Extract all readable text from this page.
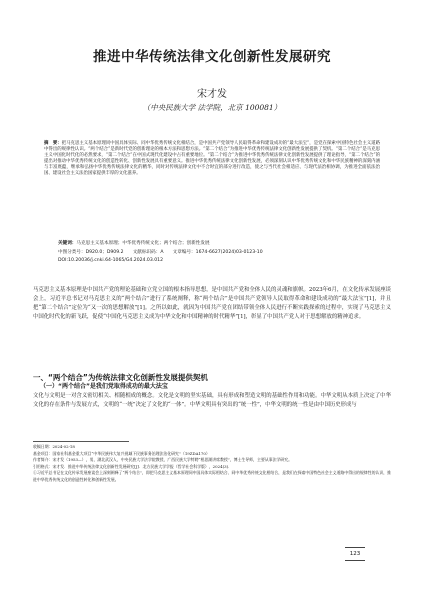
推进中华传统法律文化创新性发展研究
宋才发
（中央民族大学 法学院，北京 100081）
摘　要：把马克思主义基本原理同中国具体实际、同中华优秀传统文化相结合，是中国共产党领导人民取得革命和建设成功的“最大法宝”，是党在探索中国特色社会主义道路中得出的规律性认识。“两个结合”是新时代党的创新理论的根本方法和思想方法。“第二个结合”为推进中华优秀传统法律文化创新性发展提供了契机。“第二个结合”是马克思主义中国化时代化的必然要求，“第二个结合”在中国式现代化建设中占有重要地位。“第二个结合”为推进中华优秀传统法律文化创新性发展提供了理论指导，“第二个结合”的提出对推动中华优秀传统文化的创造性转化、创新性发展具有重要意义。推进中华优秀传统法律文化创新性发展，必须深刻认识中华优秀传统文化和中华民族精神的深刻内涵与丰富底蕴，继承和弘扬中华优秀传统法律文化的精华，同时对传统法律文化中不合时宜的部分进行改造，使之与当代社会相适应、与现代法治相协调，为推进全面依法治国、建设社会主义法治国家提供丰厚的文化滋养。
关键词：马克思主义基本原理；中华优秀传统文化；两个结合；创新性发展
中图分类号：D920.0；D909.2　　 文献标识码：A　　 文章编号：1674-6627(2024)03-0123-10
DOI:10.20036/j.cnki.64-1065/G4.2024.03.012
马克思主义基本原理是中国共产党的理论基础和立党立国的根本指导思想，是中国共产党和全体人民的灵魂和旗帜。2023年6月，在文化传承发展座谈会上，习近平总书记对马克思主义的“两个结合”进行了系统阐释，称“两个结合”是中国共产党领导人民取得革命和建设成功的“最大法宝”[1]，并且把“第二个结合”定位为“又一次的思想解放”[1]。之所以如此，就因为中国共产党在团结带领全体人民进行不断实践探索的过程中，实现了马克思主义中国化时代化的新飞跃，促使“中国化马克思主义成为中华文化和中国精神的时代精华”[1]，彰显了中国共产党人对于思想解放的精神追求。
一、“两个结合”为传统法律文化创新性发展提供契机
（一）“两个结合”是我们党取得成功的最大法宝
文化与文明是一对含义密切相关、相随相成的概念。文化是文明的坚实基础，具有形成和塑造文明的基础性作用和功能。中华文明从本质上决定了中华文化的存在条件与发展方式，文明的“一统”决定了文化的“一体”。中华文明具有突出的“统一性”，中华文明的统一性是由中国历史形成与
收稿日期：2024-02-18
基金项目：国家社科基金重大项目“中华民族伟大复兴视域下民族事务治理法治化研究”（19ZDA170）
作者简介：宋才发（1953—），男，湖北武汉人，中央民族大学法学院教授，广西民族大学特聘“相思湖讲席教授”，博士生导师，主要从事法学研究。
引用格式：宋才发．推进中华传统法律文化创新性发展研究[J]．北方民族大学学报（哲学社会科学版），2024(3)．
①习近平总书记在文化传承发展座谈会上深刻阐释了“两个结合”，即把马克思主义基本原理同中国具体实际相结合、同中华优秀传统文化相结合，是我们在探索中国特色社会主义道路中得出的规律性的认识，推进中华优秀传统文化的创造性转化和创新性发展。
123
